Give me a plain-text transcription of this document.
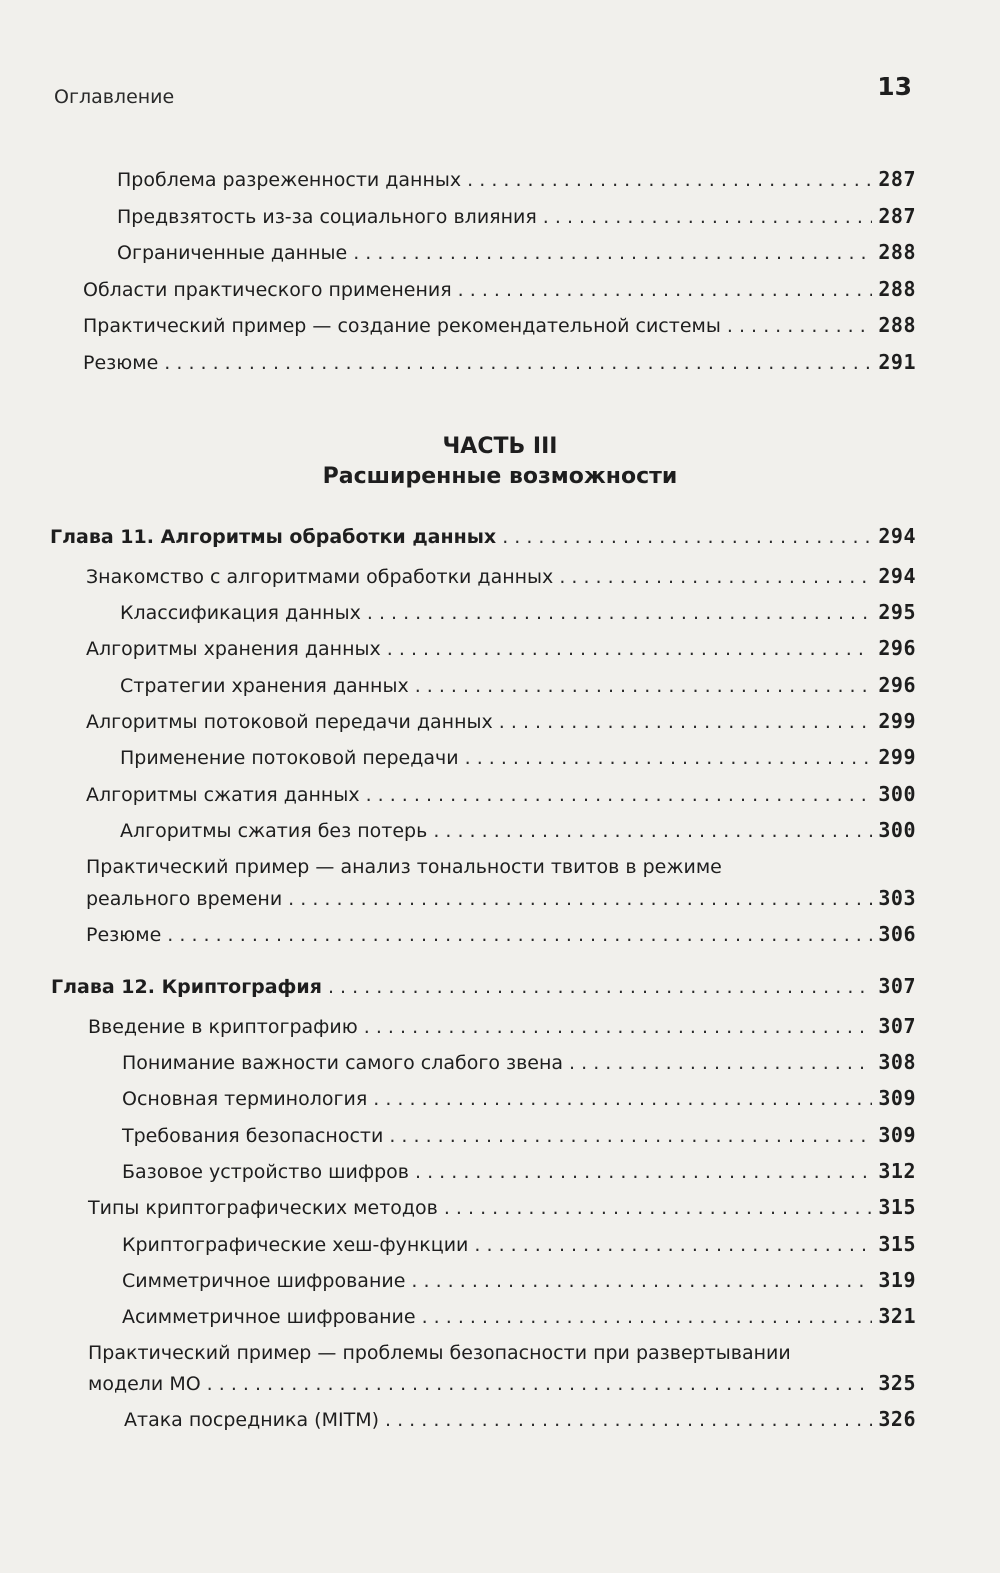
Оглавление	13
Проблема разреженности данных . . .	287
Предвзятость из-за социального влияния . . .	287
Ограниченные данные . . .	288
Области практического применения . . .	288
Практический пример — создание рекомендательной системы . . .	288
Резюме . . .	291
ЧАСТЬ III
Расширенные возможности
Глава 11. Алгоритмы обработки данных . . .	294
Знакомство с алгоритмами обработки данных . . .	294
Классификация данных . . .	295
Алгоритмы хранения данных . . .	296
Стратегии хранения данных . . .	296
Алгоритмы потоковой передачи данных . . .	299
Применение потоковой передачи . . .	299
Алгоритмы сжатия данных . . .	300
Алгоритмы сжатия без потерь . . .	300
Практический пример — анализ тональности твитов в режиме
реального времени . . .	303
Резюме . . .	306
Глава 12. Криптография . . .	307
Введение в криптографию . . .	307
Понимание важности самого слабого звена . . .	308
Основная терминология . . .	309
Требования безопасности . . .	309
Базовое устройство шифров . . .	312
Типы криптографических методов . . .	315
Криптографические хеш-функции . . .	315
Симметричное шифрование . . .	319
Асимметричное шифрование . . .	321
Практический пример — проблемы безопасности при развертывании
модели МО . . .	325
Атака посредника (MITM) . . .	326
